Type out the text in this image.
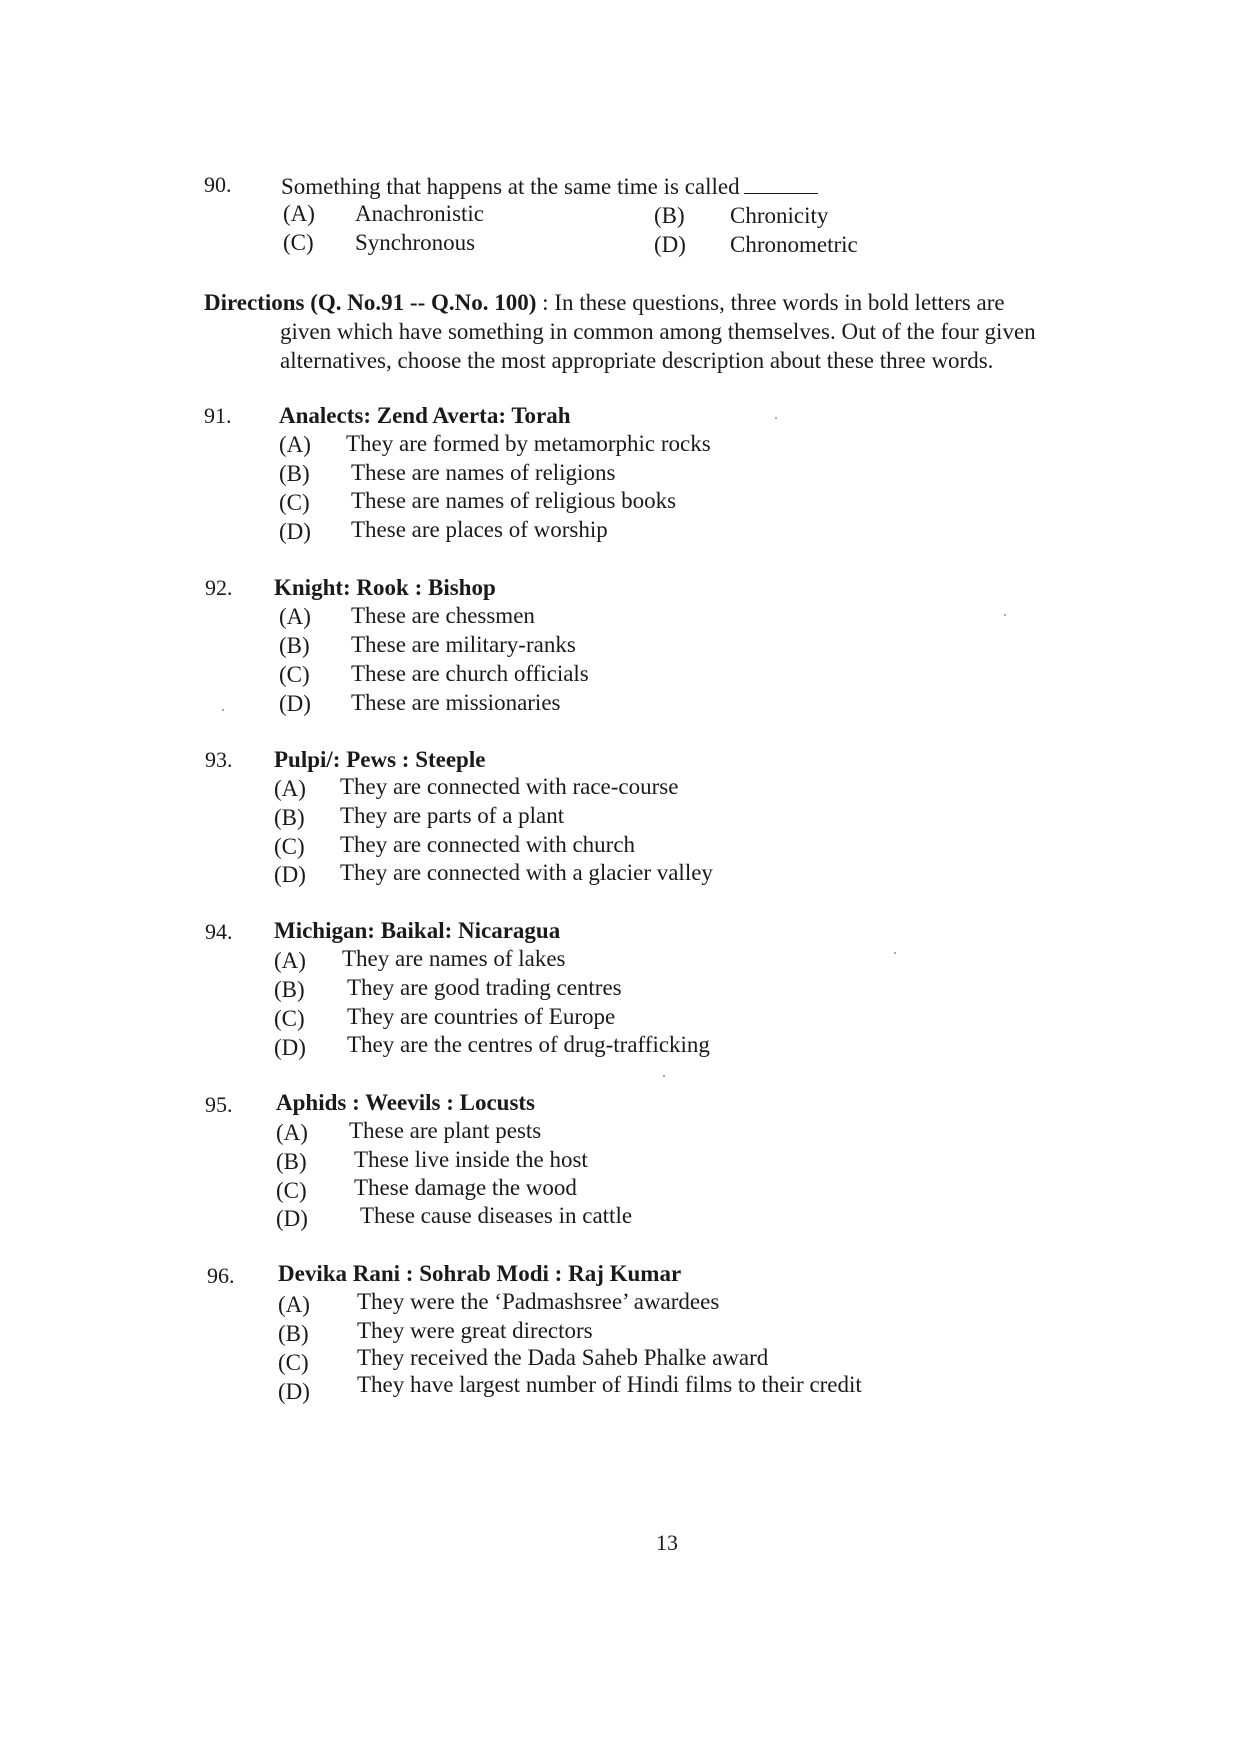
90. Something that happens at the same time is called
(A) Anachronistic	(B) Chronicity
(C) Synchronous	(D) Chronometric
Directions (Q. No.91 -- Q.No. 100) : In these questions, three words in bold letters are
given which have something in common among themselves. Out of the four given
alternatives, choose the most appropriate description about these three words.
91. Analects: Zend Averta: Torah
(A) They are formed by metamorphic rocks
(B) These are names of religions
(C) These are names of religious books
(D) These are places of worship
92. Knight: Rook : Bishop
(A) These are chessmen
(B) These are military-ranks
(C) These are church officials
(D) These are missionaries
93. Pulpi/: Pews : Steeple
(A) They are connected with race-course
(B) They are parts of a plant
(C) They are connected with church
(D) They are connected with a glacier valley
94. Michigan: Baikal: Nicaragua
(A) They are names of lakes
(B) They are good trading centres
(C) They are countries of Europe
(D) They are the centres of drug-trafficking
95. Aphids : Weevils : Locusts
(A) These are plant pests
(B) These live inside the host
(C) These damage the wood
(D) These cause diseases in cattle
96. Devika Rani : Sohrab Modi : Raj Kumar
(A) They were the ‘Padmashsree’ awardees
(B) They were great directors
(C) They received the Dada Saheb Phalke award
(D) They have largest number of Hindi films to their credit
13
